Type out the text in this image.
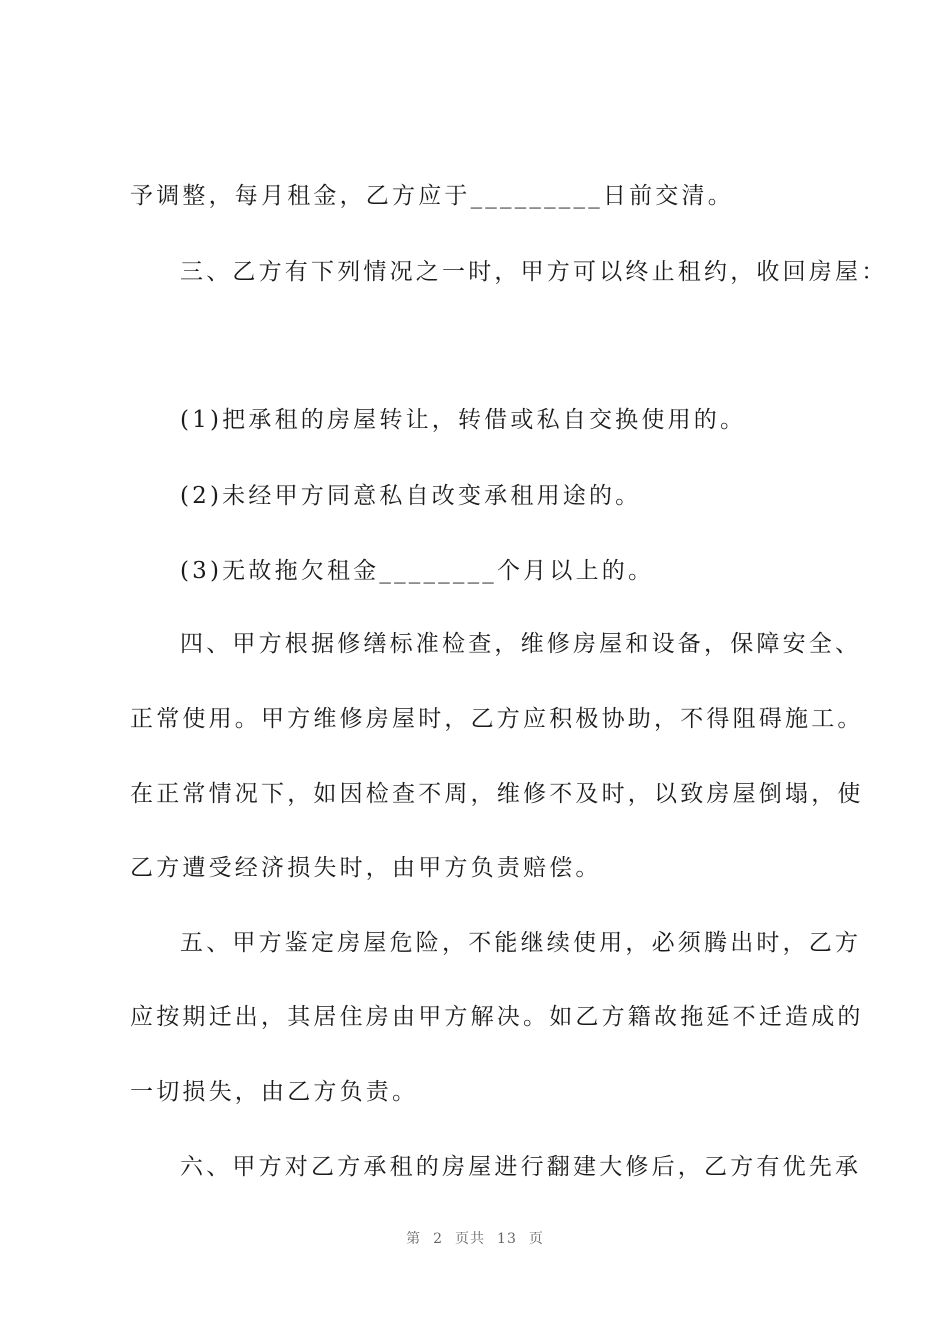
予调整，每月租金，乙方应于_________日前交清。
三、乙方有下列情况之一时，甲方可以终止租约，收回房屋：
(1)把承租的房屋转让，转借或私自交换使用的。
(2)未经甲方同意私自改变承租用途的。
(3)无故拖欠租金________个月以上的。
四、甲方根据修缮标准检查，维修房屋和设备，保障安全、
正常使用。甲方维修房屋时，乙方应积极协助，不得阻碍施工。
在正常情况下，如因检查不周，维修不及时，以致房屋倒塌，使
乙方遭受经济损失时，由甲方负责赔偿。
五、甲方鉴定房屋危险，不能继续使用，必须腾出时，乙方
应按期迁出，其居住房由甲方解决。如乙方籍故拖延不迁造成的
一切损失，由乙方负责。
六、甲方对乙方承租的房屋进行翻建大修后，乙方有优先承
第 2 页共 13 页
